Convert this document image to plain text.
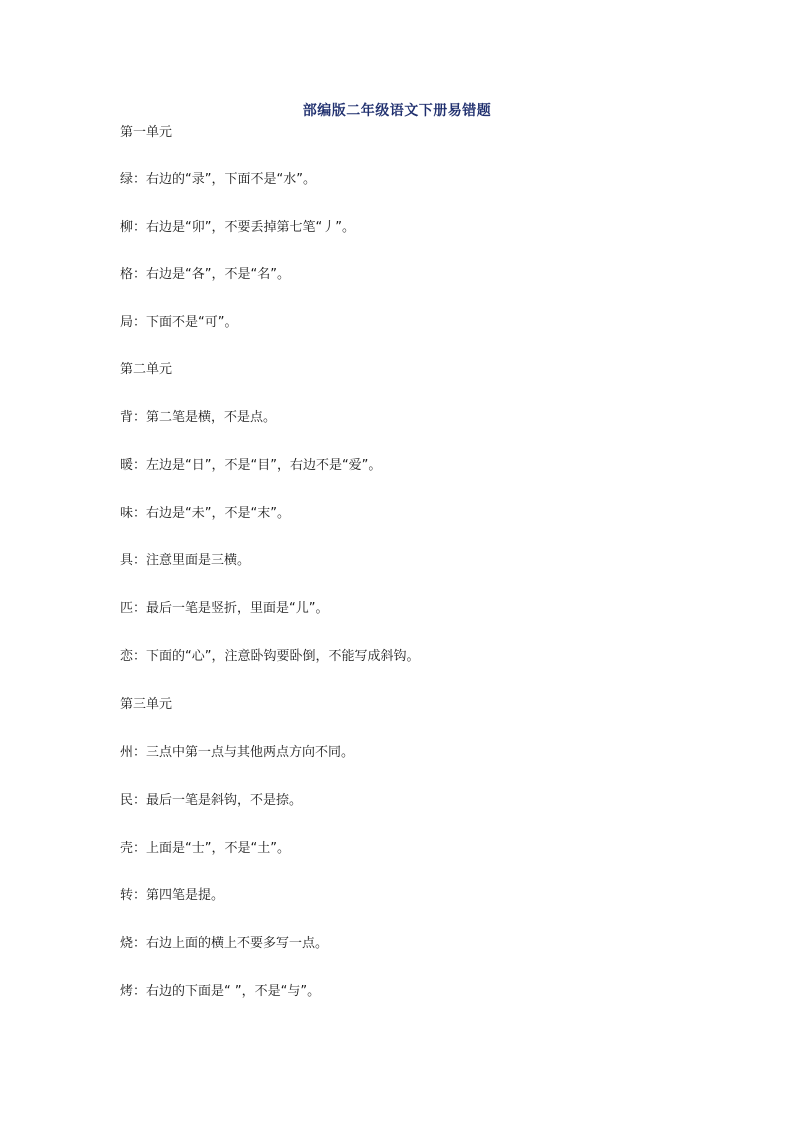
部编版二年级语文下册易错题
第一单元
绿：右边的“录”，下面不是“水”。
柳：右边是“卯”，不要丢掉第七笔“丿”。
格：右边是“各”，不是“名”。
局：下面不是“可”。
第二单元
背：第二笔是横，不是点。
暖：左边是“日”，不是“目”，右边不是“爱”。
味：右边是“未”，不是“末”。
具：注意里面是三横。
匹：最后一笔是竖折，里面是“儿”。
恋：下面的“心”，注意卧钩要卧倒，不能写成斜钩。
第三单元
州：三点中第一点与其他两点方向不同。
民：最后一笔是斜钩，不是捺。
壳：上面是“士”，不是“土”。
转：第四笔是提。
烧：右边上面的横上不要多写一点。
烤：右边的下面是“ ”，不是“与”。
